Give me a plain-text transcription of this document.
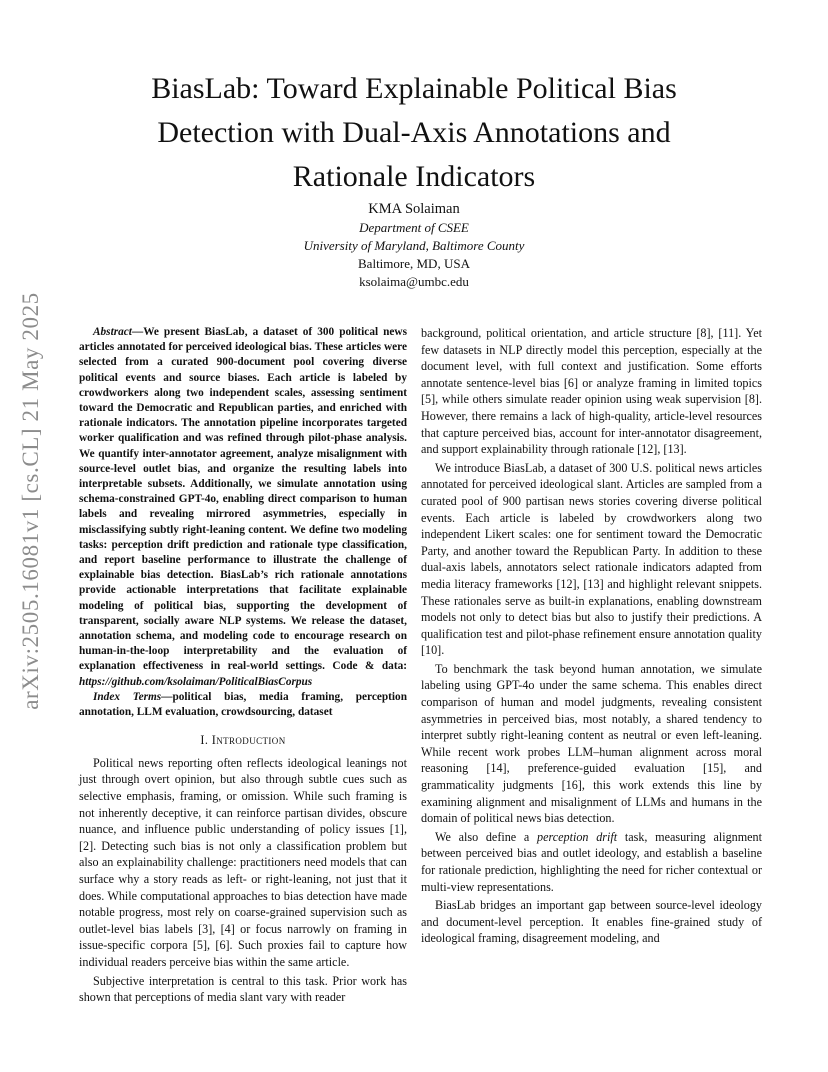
arXiv:2505.16081v1 [cs.CL] 21 May 2025
BiasLab: Toward Explainable Political Bias
Detection with Dual-Axis Annotations and
Rationale Indicators
KMA Solaiman
Department of CSEE
University of Maryland, Baltimore County
Baltimore, MD, USA
ksolaima@umbc.edu

Abstract—We present BiasLab, a dataset of 300 political news articles annotated for perceived ideological bias. These articles were selected from a curated 900-document pool covering diverse political events and source biases. Each article is labeled by crowdworkers along two independent scales, assessing sentiment toward the Democratic and Republican parties, and enriched with rationale indicators. The annotation pipeline incorporates targeted worker qualification and was refined through pilot-phase analysis. We quantify inter-annotator agreement, analyze misalignment with source-level outlet bias, and organize the resulting labels into interpretable subsets. Additionally, we simulate annotation using schema-constrained GPT-4o, enabling direct comparison to human labels and revealing mirrored asymmetries, especially in misclassifying subtly right-leaning content. We define two modeling tasks: perception drift prediction and rationale type classification, and report baseline performance to illustrate the challenge of explainable bias detection. BiasLab’s rich rationale annotations provide actionable interpretations that facilitate explainable modeling of political bias, supporting the development of transparent, socially aware NLP systems. We release the dataset, annotation schema, and modeling code to encourage research on human-in-the-loop interpretability and the evaluation of explanation effectiveness in real-world settings. Code & data: https://github.com/ksolaiman/PoliticalBiasCorpus

Index Terms—political bias, media framing, perception annotation, LLM evaluation, crowdsourcing, dataset

I. Introduction

Political news reporting often reflects ideological leanings not just through overt opinion, but also through subtle cues such as selective emphasis, framing, or omission. While such framing is not inherently deceptive, it can reinforce partisan divides, obscure nuance, and influence public understanding of policy issues [1], [2]. Detecting such bias is not only a classification problem but also an explainability challenge: practitioners need models that can surface why a story reads as left- or right-leaning, not just that it does. While computational approaches to bias detection have made notable progress, most rely on coarse-grained supervision such as outlet-level bias labels [3], [4] or focus narrowly on framing in issue-specific corpora [5], [6]. Such proxies fail to capture how individual readers perceive bias within the same article.

Subjective interpretation is central to this task. Prior work has shown that perceptions of media slant vary with reader

background, political orientation, and article structure [8], [11]. Yet few datasets in NLP directly model this perception, especially at the document level, with full context and justification. Some efforts annotate sentence-level bias [6] or analyze framing in limited topics [5], while others simulate reader opinion using weak supervision [8]. However, there remains a lack of high-quality, article-level resources that capture perceived bias, account for inter-annotator disagreement, and support explainability through rationale [12], [13].

We introduce BiasLab, a dataset of 300 U.S. political news articles annotated for perceived ideological slant. Articles are sampled from a curated pool of 900 partisan news stories covering diverse political events. Each article is labeled by crowdworkers along two independent Likert scales: one for sentiment toward the Democratic Party, and another toward the Republican Party. In addition to these dual-axis labels, annotators select rationale indicators adapted from media literacy frameworks [12], [13] and highlight relevant snippets. These rationales serve as built-in explanations, enabling downstream models not only to detect bias but also to justify their predictions. A qualification test and pilot-phase refinement ensure annotation quality [10].

To benchmark the task beyond human annotation, we simulate labeling using GPT-4o under the same schema. This enables direct comparison of human and model judgments, revealing consistent asymmetries in perceived bias, most notably, a shared tendency to interpret subtly right-leaning content as neutral or even left-leaning. While recent work probes LLM–human alignment across moral reasoning [14], preference-guided evaluation [15], and grammaticality judgments [16], this work extends this line by examining alignment and misalignment of LLMs and humans in the domain of political news bias detection.

We also define a perception drift task, measuring alignment between perceived bias and outlet ideology, and establish a baseline for rationale prediction, highlighting the need for richer contextual or multi-view representations.

BiasLab bridges an important gap between source-level ideology and document-level perception. It enables fine-grained study of ideological framing, disagreement modeling, and
